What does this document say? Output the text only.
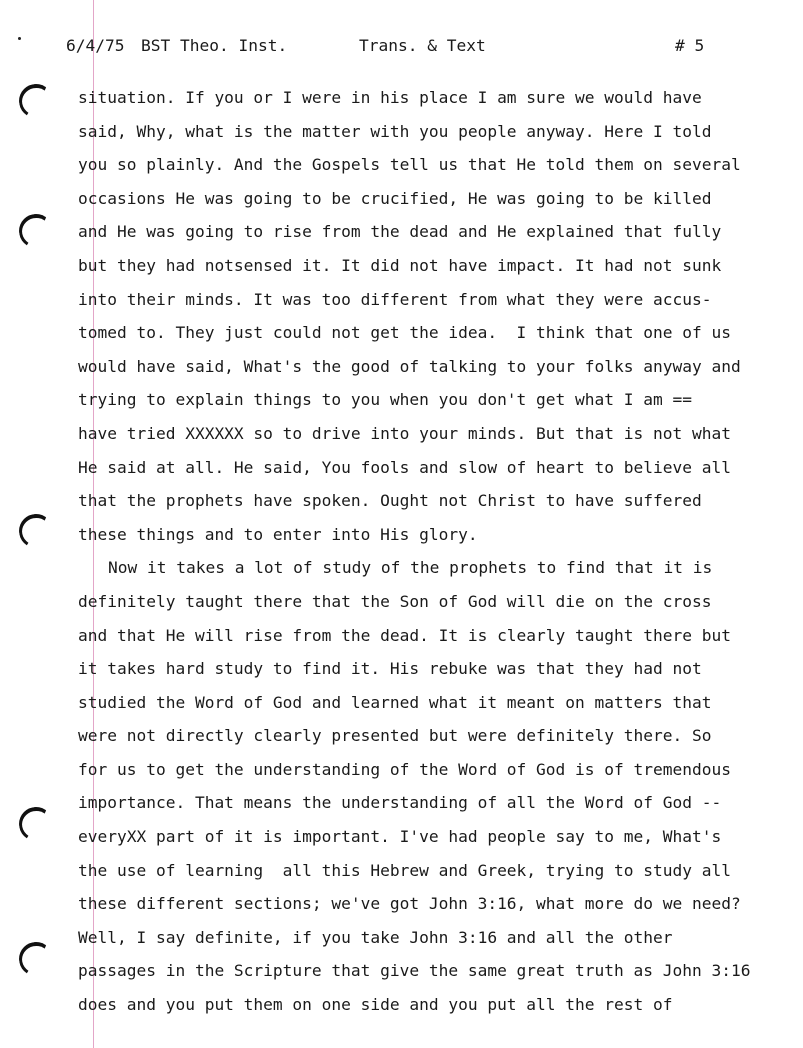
6/4/75 BST Theo. Inst.	Trans. & Text	# 5
situation. If you or I were in his place I am sure we would have
said, Why, what is the matter with you people anyway. Here I told
you so plainly. And the Gospels tell us that He told them on several
occasions He was going to be crucified, He was going to be killed
and He was going to rise from the dead and He explained that fully
but they had notsensed it. It did not have impact. It had not sunk
into their minds. It was too different from what they were accus-
tomed to. They just could not get the idea.  I think that one of us
would have said, What's the good of talking to your folks anyway and
trying to explain things to you when you don't get what I am ==
have tried XXXXXX so to drive into your minds. But that is not what
He said at all. He said, You fools and slow of heart to believe all
that the prophets have spoken. Ought not Christ to have suffered
these things and to enter into His glory.
Now it takes a lot of study of the prophets to find that it is
definitely taught there that the Son of God will die on the cross
and that He will rise from the dead. It is clearly taught there but
it takes hard study to find it. His rebuke was that they had not
studied the Word of God and learned what it meant on matters that
were not directly clearly presented but were definitely there. So
for us to get the understanding of the Word of God is of tremendous
importance. That means the understanding of all the Word of God --
everyXX part of it is important. I've had people say to me, What's
the use of learning  all this Hebrew and Greek, trying to study all
these different sections; we've got John 3:16, what more do we need?
Well, I say definite, if you take John 3:16 and all the other
passages in the Scripture that give the same great truth as John 3:16
does and you put them on one side and you put all the rest of
